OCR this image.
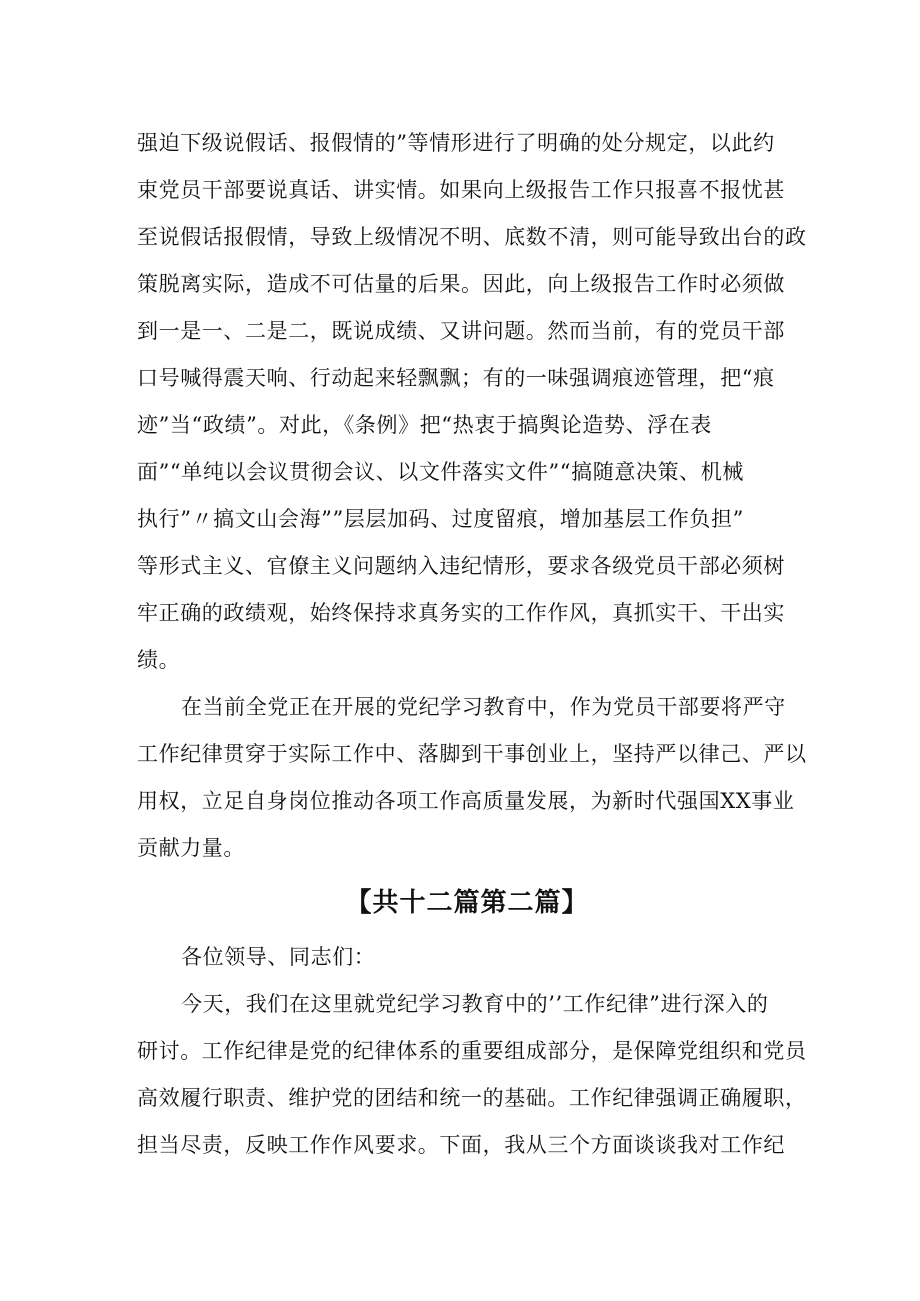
强迫下级说假话、报假情的”等情形进行了明确的处分规定，以此约
束党员干部要说真话、讲实情。如果向上级报告工作只报喜不报忧甚
至说假话报假情，导致上级情况不明、底数不清，则可能导致出台的政
策脱离实际，造成不可估量的后果。因此，向上级报告工作时必须做
到一是一、二是二，既说成绩、又讲问题。然而当前，有的党员干部
口号喊得震天响、行动起来轻飘飘；有的一味强调痕迹管理，把“痕
迹”当“政绩”。对此，《条例》把“热衷于搞舆论造势、浮在表
面”“单纯以会议贯彻会议、以文件落实文件”“搞随意决策、机械
执行”〃搞文山会海””层层加码、过度留痕，增加基层工作负担”
等形式主义、官僚主义问题纳入违纪情形，要求各级党员干部必须树
牢正确的政绩观，始终保持求真务实的工作作风，真抓实干、干出实
绩。
在当前全党正在开展的党纪学习教育中，作为党员干部要将严守
工作纪律贯穿于实际工作中、落脚到干事创业上，坚持严以律己、严以
用权，立足自身岗位推动各项工作高质量发展，为新时代强国XX事业
贡献力量。
【共十二篇第二篇】
各位领导、同志们：
今天，我们在这里就党纪学习教育中的’’工作纪律”进行深入的
研讨。工作纪律是党的纪律体系的重要组成部分，是保障党组织和党员
高效履行职责、维护党的团结和统一的基础。工作纪律强调正确履职，
担当尽责，反映工作作风要求。下面，我从三个方面谈谈我对工作纪
